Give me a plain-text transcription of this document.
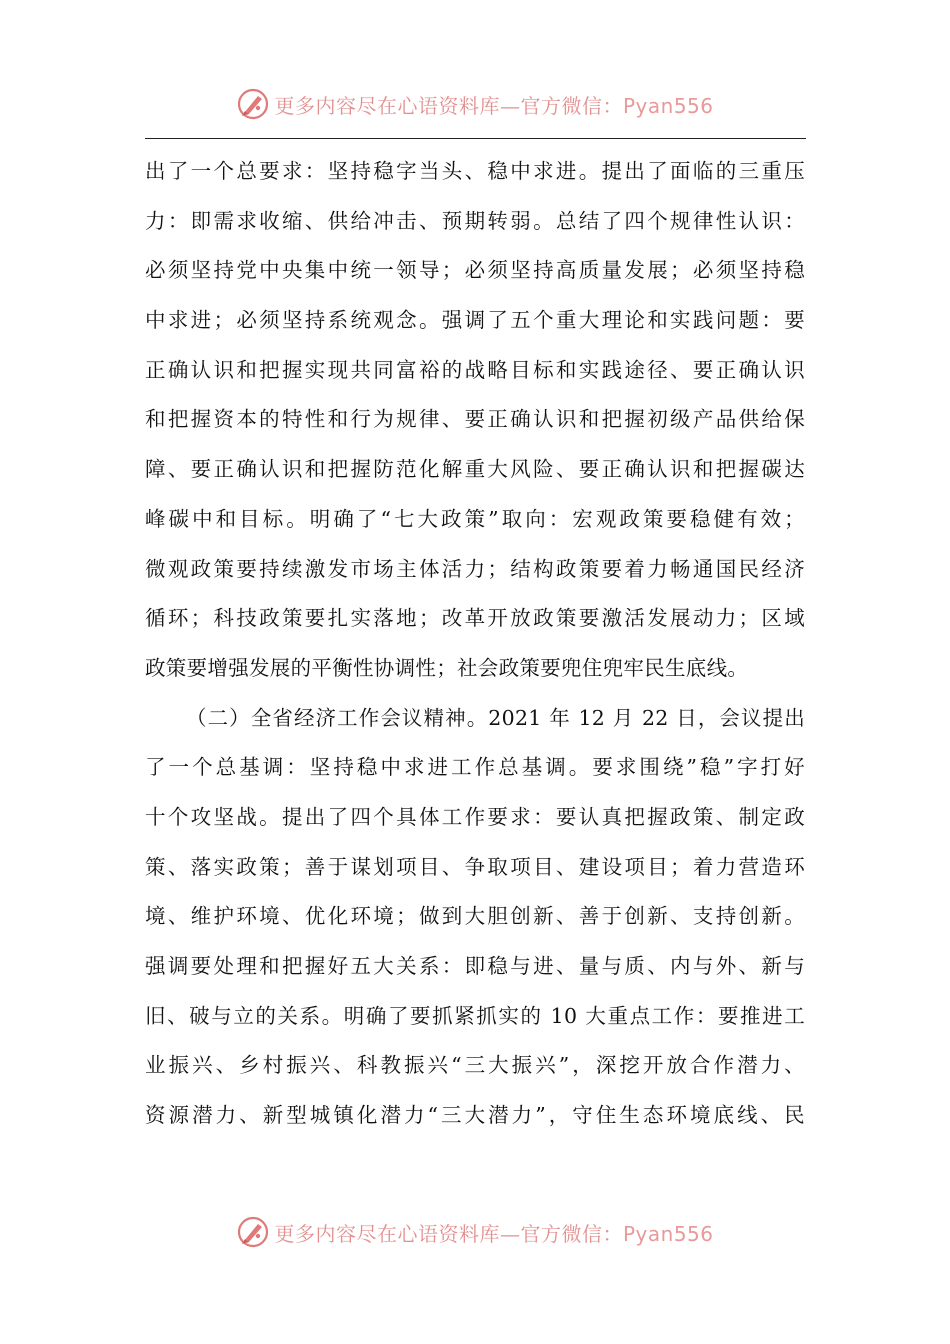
更多内容尽在心语资料库—官方微信：Pyan556
出了一个总要求：坚持稳字当头、稳中求进。提出了面临的三重压
力：即需求收缩、供给冲击、预期转弱。总结了四个规律性认识：
必须坚持党中央集中统一领导；必须坚持高质量发展；必须坚持稳
中求进；必须坚持系统观念。强调了五个重大理论和实践问题：要
正确认识和把握实现共同富裕的战略目标和实践途径、要正确认识
和把握资本的特性和行为规律、要正确认识和把握初级产品供给保
障、要正确认识和把握防范化解重大风险、要正确认识和把握碳达
峰碳中和目标。明确了“七大政策”取向：宏观政策要稳健有效；
微观政策要持续激发市场主体活力；结构政策要着力畅通国民经济
循环；科技政策要扎实落地；改革开放政策要激活发展动力；区域
政策要增强发展的平衡性协调性；社会政策要兜住兜牢民生底线。
（二）全省经济工作会议精神。2021 年 12 月 22 日，会议提出
了一个总基调：坚持稳中求进工作总基调。要求围绕”稳”字打好
十个攻坚战。提出了四个具体工作要求：要认真把握政策、制定政
策、落实政策；善于谋划项目、争取项目、建设项目；着力营造环
境、维护环境、优化环境；做到大胆创新、善于创新、支持创新。
强调要处理和把握好五大关系：即稳与进、量与质、内与外、新与
旧、破与立的关系。明确了要抓紧抓实的 10 大重点工作：要推进工
业振兴、乡村振兴、科教振兴“三大振兴”，深挖开放合作潜力、
资源潜力、新型城镇化潜力“三大潜力”，守住生态环境底线、民
更多内容尽在心语资料库—官方微信：Pyan556
